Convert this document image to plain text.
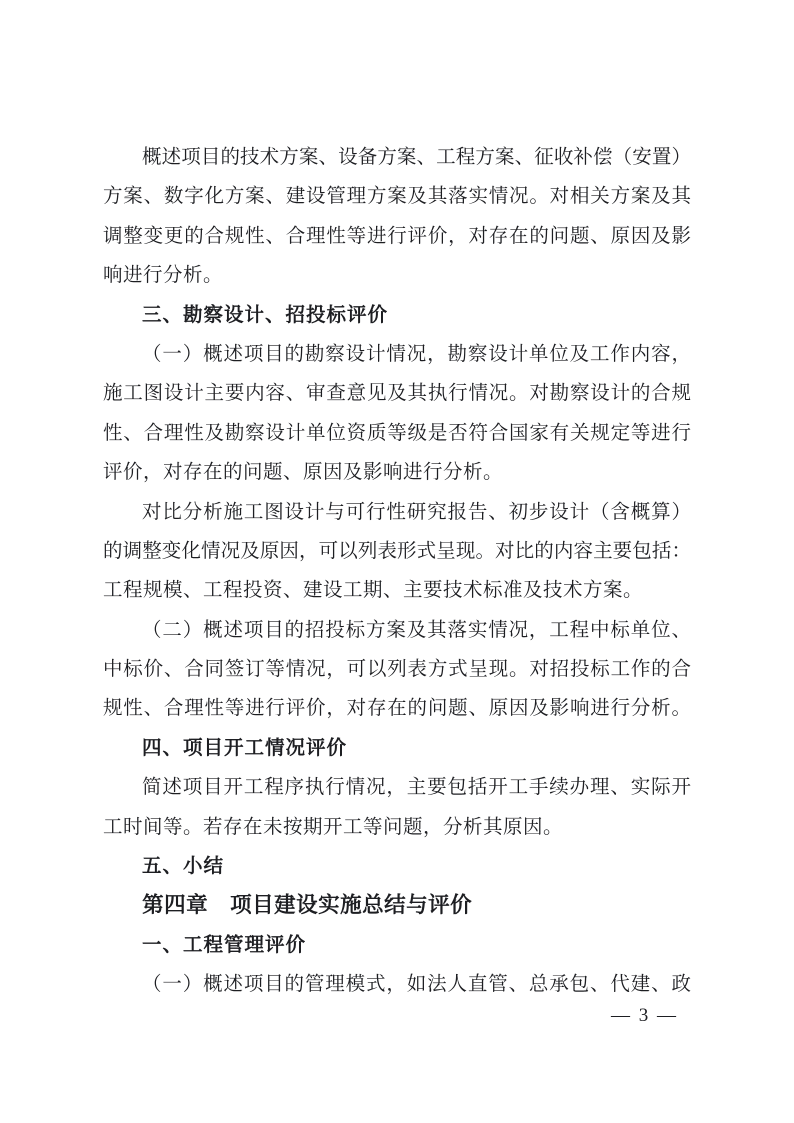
概述项目的技术方案、设备方案、工程方案、征收补偿（安置）
方案、数字化方案、建设管理方案及其落实情况。对相关方案及其
调整变更的合规性、合理性等进行评价，对存在的问题、原因及影
响进行分析。
三、勘察设计、招投标评价
（一）概述项目的勘察设计情况，勘察设计单位及工作内容，
施工图设计主要内容、审查意见及其执行情况。对勘察设计的合规
性、合理性及勘察设计单位资质等级是否符合国家有关规定等进行
评价，对存在的问题、原因及影响进行分析。
对比分析施工图设计与可行性研究报告、初步设计（含概算）
的调整变化情况及原因，可以列表形式呈现。对比的内容主要包括：
工程规模、工程投资、建设工期、主要技术标准及技术方案。
（二）概述项目的招投标方案及其落实情况，工程中标单位、
中标价、合同签订等情况，可以列表方式呈现。对招投标工作的合
规性、合理性等进行评价，对存在的问题、原因及影响进行分析。
四、项目开工情况评价
简述项目开工程序执行情况，主要包括开工手续办理、实际开
工时间等。若存在未按期开工等问题，分析其原因。
五、小结
第四章　项目建设实施总结与评价
一、工程管理评价
（一）概述项目的管理模式，如法人直管、总承包、代建、政
— 3 —
